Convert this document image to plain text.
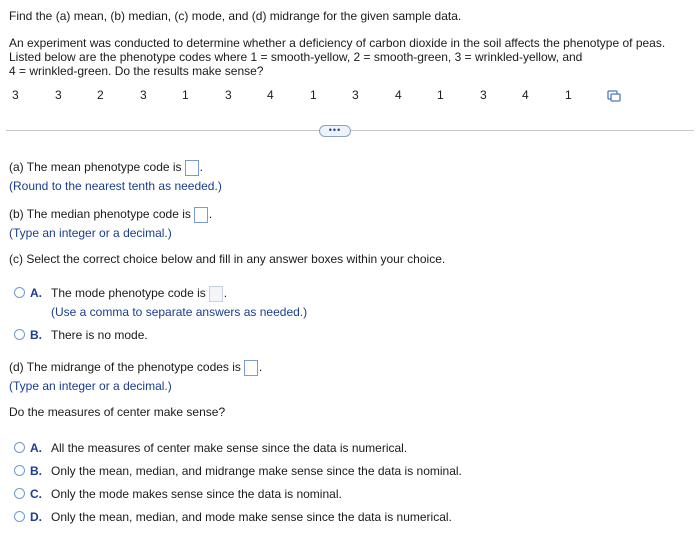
Find the (a) mean, (b) median, (c) mode, and (d) midrange for the given sample data.
An experiment was conducted to determine whether a deficiency of carbon dioxide in the soil affects the phenotype of peas.
Listed below are the phenotype codes where 1 = smooth-yellow, 2 = smooth-green, 3 = wrinkled-yellow, and
4 = wrinkled-green. Do the results make sense?
3	3	2	3	1	3	4	1	3	4	1	3	4	1
•••
(a) The mean phenotype code is .
(Round to the nearest tenth as needed.)
(b) The median phenotype code is .
(Type an integer or a decimal.)
(c) Select the correct choice below and fill in any answer boxes within your choice.
A. The mode phenotype code is .
(Use a comma to separate answers as needed.)
B. There is no mode.
(d) The midrange of the phenotype codes is .
(Type an integer or a decimal.)
Do the measures of center make sense?
A. All the measures of center make sense since the data is numerical.
B. Only the mean, median, and midrange make sense since the data is nominal.
C. Only the mode makes sense since the data is nominal.
D. Only the mean, median, and mode make sense since the data is numerical.
